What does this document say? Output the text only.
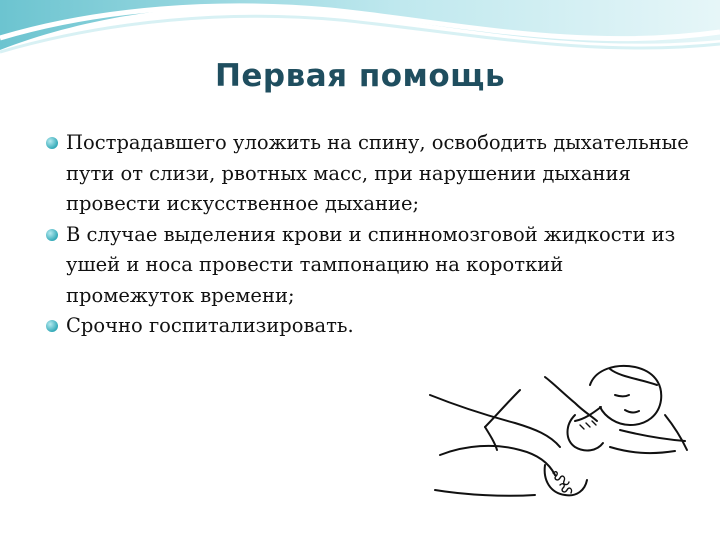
Первая помощь
Пострадавшего уложить на спину, освободить дыхательные пути от слизи, рвотных масс, при нарушении дыхания провести искусственное дыхание;
В случае выделения крови и спинномозговой жидкости из ушей и носа провести тампонацию на короткий промежуток времени;
Срочно госпитализировать.
